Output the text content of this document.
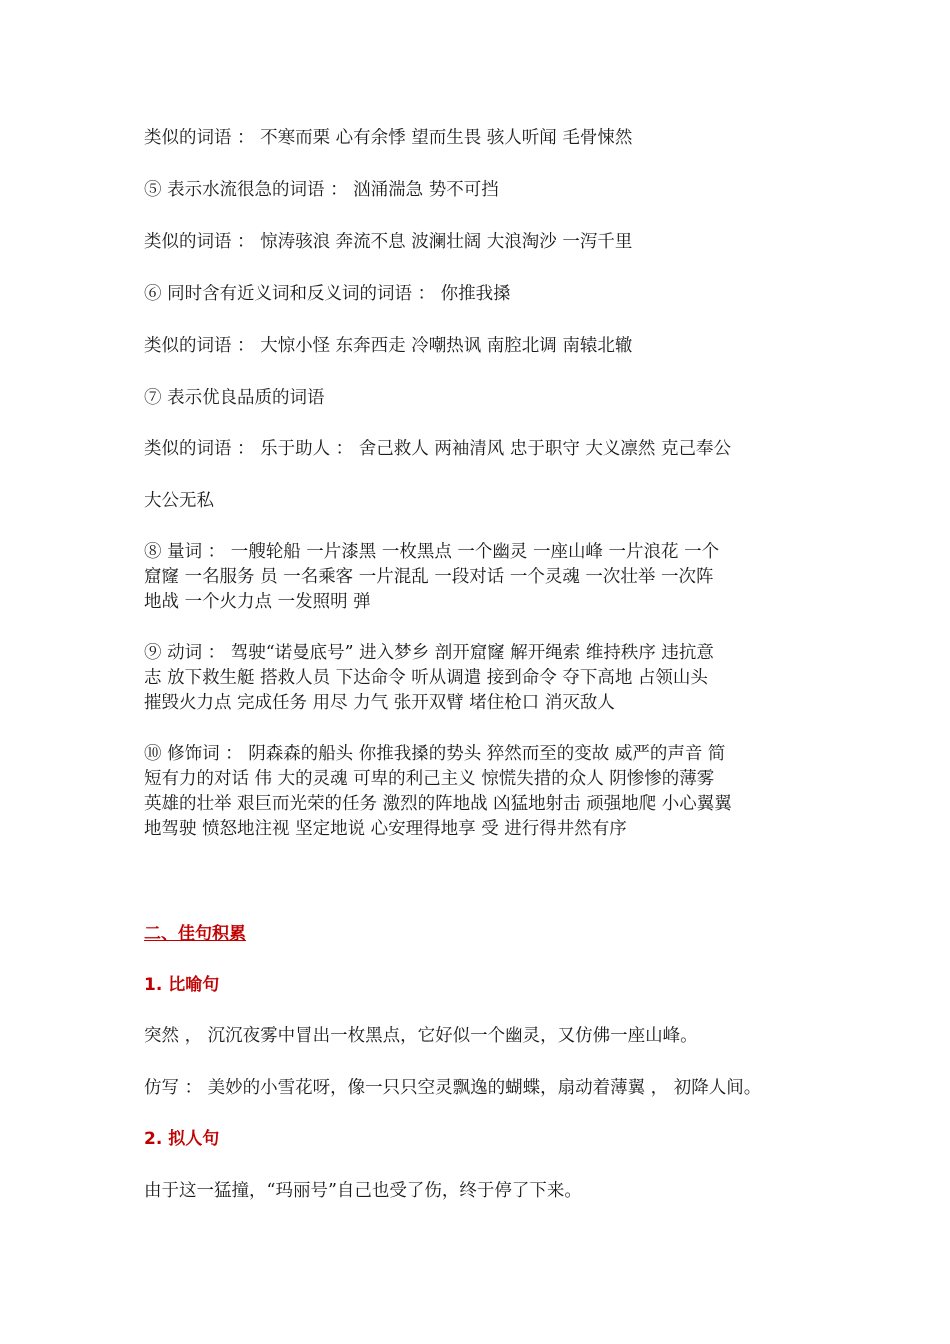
类似的词语 ： 不寒而栗 心有余悸 望而生畏 骇人听闻 毛骨悚然
⑤ 表示水流很急的词语 ： 汹涌湍急 势不可挡
类似的词语 ： 惊涛骇浪 奔流不息 波澜壮阔 大浪淘沙 一泻千里
⑥ 同时含有近义词和反义词的词语 ： 你推我搡
类似的词语 ： 大惊小怪 东奔西走 冷嘲热讽 南腔北调 南辕北辙
⑦ 表示优良品质的词语
类似的词语 ： 乐于助人 ： 舍己救人 两袖清风 忠于职守 大义凛然 克己奉公
大公无私
⑧ 量词 ： 一艘轮船 一片漆黑 一枚黑点 一个幽灵 一座山峰 一片浪花 一个
窟窿 一名服务 员 一名乘客 一片混乱 一段对话 一个灵魂 一次壮举 一次阵
地战 一个火力点 一发照明 弹
⑨ 动词 ： 驾驶“诺曼底号” 进入梦乡 剖开窟窿 解开绳索 维持秩序 违抗意
志 放下救生艇 搭救人员 下达命令 听从调遣 接到命令 夺下高地 占领山头
摧毁火力点 完成任务 用尽 力气 张开双臂 堵住枪口 消灭敌人
⑩ 修饰词 ： 阴森森的船头 你推我搡的势头 猝然而至的变故 威严的声音 简
短有力的对话 伟 大的灵魂 可卑的利己主义 惊慌失措的众人 阴惨惨的薄雾
英雄的壮举 艰巨而光荣的任务 激烈的阵地战 凶猛地射击 顽强地爬 小心翼翼
地驾驶 愤怒地注视 坚定地说 心安理得地享 受 进行得井然有序
二、佳句积累
1. 比喻句
突然 ， 沉沉夜雾中冒出一枚黑点，它好似一个幽灵，又仿佛一座山峰。
仿写 ： 美妙的小雪花呀，像一只只空灵飘逸的蝴蝶，扇动着薄翼 ， 初降人间。
2. 拟人句
由于这一猛撞，“玛丽号”自己也受了伤，终于停了下来。
